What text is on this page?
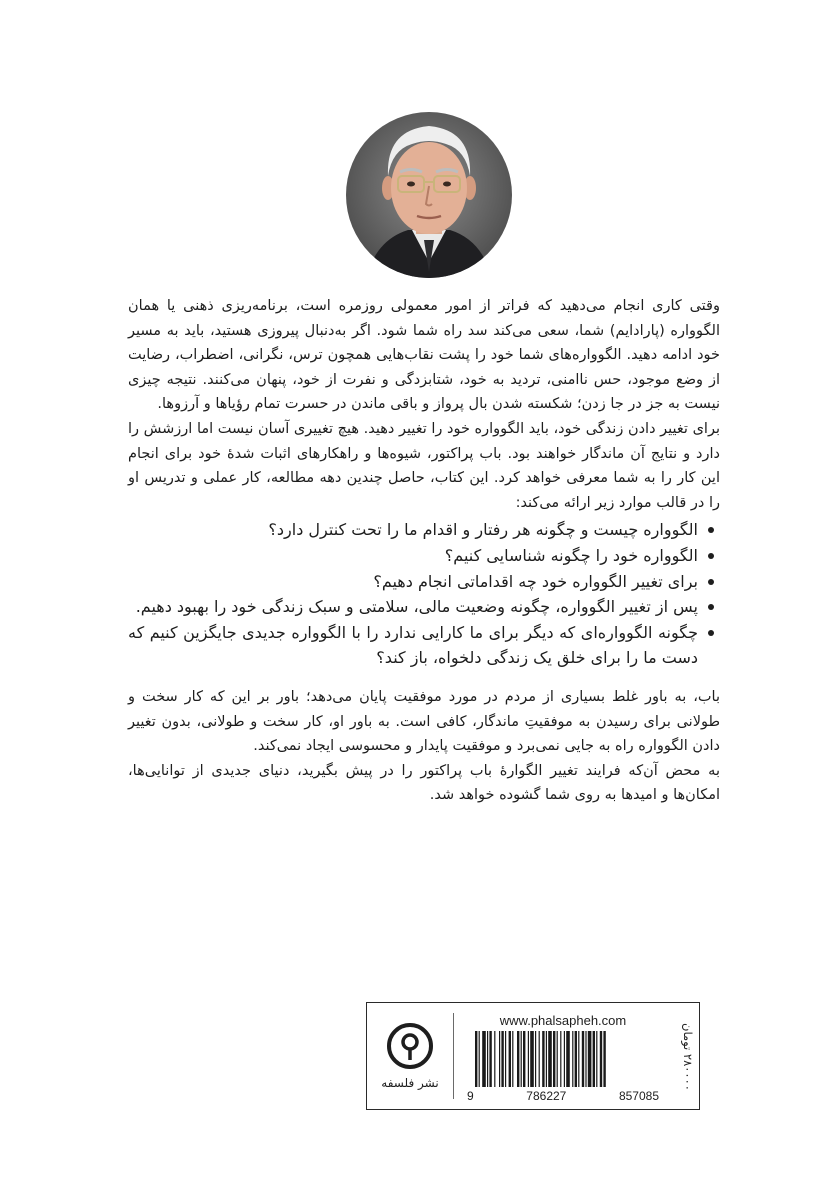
وقتی کاری انجام می‌دهید که فراتر از امور معمولی روزمره است، برنامه‌ریزی ذهنی یا همان الگوواره (پارادایم) شما، سعی می‌کند سد راه شما شود. اگر به‌دنبال پیروزی هستید، باید به مسیر خود ادامه دهید. الگوواره‌های شما خود را پشت نقاب‌هایی همچون ترس، نگرانی، اضطراب، رضایت از وضع موجود، حس ناامنی، تردید به خود، شتابزدگی و نفرت از خود، پنهان می‌کنند. نتیجه چیزی نیست به جز در جا زدن؛ شکسته شدن بال پرواز و باقی ماندن در حسرت تمام رؤیاها و آرزوها.

برای تغییر دادن زندگی خود، باید الگوواره خود را تغییر دهید. هیچ تغییری آسان نیست اما ارزشش را دارد و نتایج آن ماندگار خواهند بود. باب پراکتور، شیوه‌ها و راهکارهای اثبات شدهٔ خود برای انجام این کار را به شما معرفی خواهد کرد. این کتاب، حاصل چندین دهه مطالعه، کار عملی و تدریس او را در قالب موارد زیر ارائه می‌کند:

الگوواره چیست و چگونه هر رفتار و اقدام ما را تحت کنترل دارد؟
الگوواره خود را چگونه شناسایی کنیم؟
برای تغییر الگوواره خود چه اقداماتی انجام دهیم؟
پس از تغییر الگوواره، چگونه وضعیت مالی، سلامتی و سبک زندگی خود را بهبود دهیم.
چگونه الگوواره‌ای که دیگر برای ما کارایی ندارد را با الگوواره جدیدی جایگزین کنیم که دست ما را برای خلق یک زندگی دلخواه، باز کند؟

باب، به باور غلط بسیاری از مردم در مورد موفقیت پایان می‌دهد؛ باور بر این که کار سخت و طولانی برای رسیدن به موفقیتِ ماندگار، کافی است. به باور او، کار سخت و طولانی، بدون تغییر دادن الگوواره راه به جایی نمی‌برد و موفقیت پایدار و محسوسی ایجاد نمی‌کند.

به محض آن‌که فرایند تغییر الگوارهٔ باب پراکتور را در پیش بگیرید، دنیای جدیدی از توانایی‌ها، امکان‌ها و امیدها به روی شما گشوده خواهد شد.

نشر فلسفه
www.phalsapheh.com
9	786227	857085
۲۸۰۰۰۰ تومان
